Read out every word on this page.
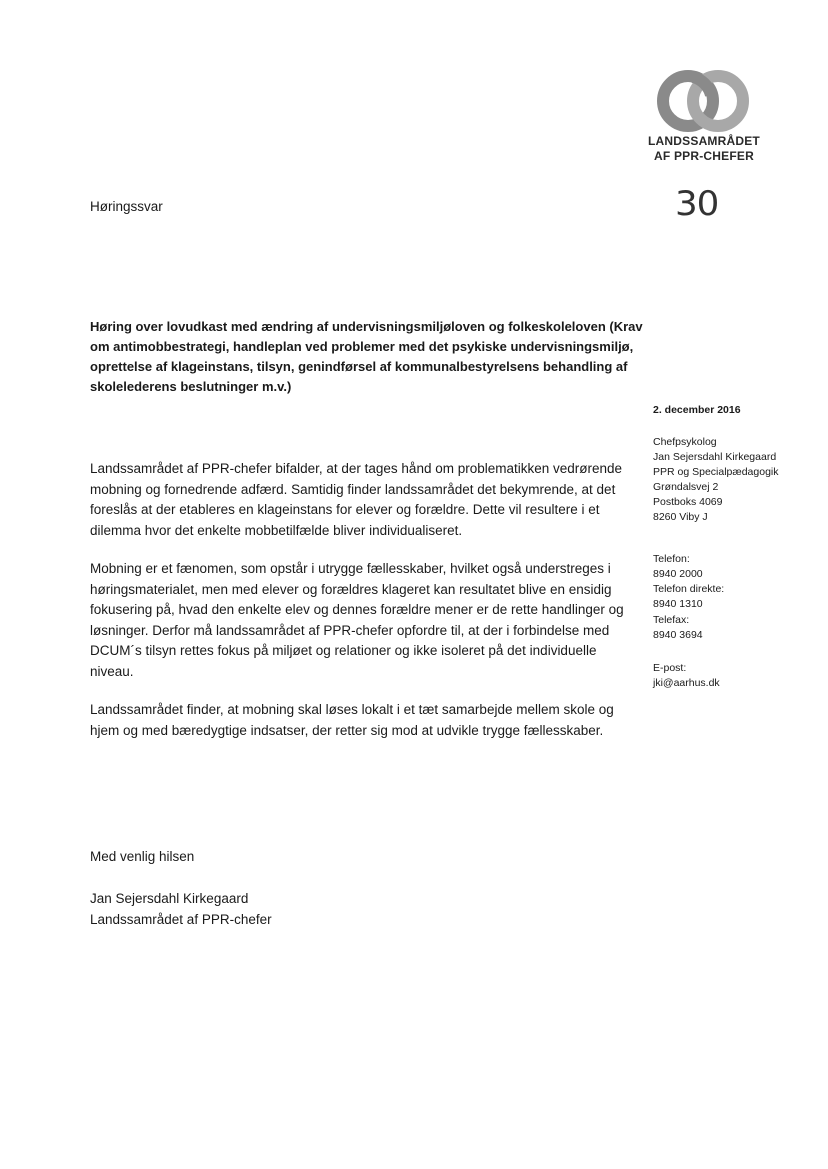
LANDSSAMRÅDET
AF PPR-CHEFER
30
Høringssvar
Høring over lovudkast med ændring af undervisningsmiljøloven og folkeskoleloven (Krav
om antimobbestrategi, handleplan ved problemer med det psykiske undervisningsmiljø,
oprettelse af klageinstans, tilsyn, genindførsel af kommunalbestyrelsens behandling af
skolelederens beslutninger m.v.)
2. december 2016
Chefpsykolog
Jan Sejersdahl Kirkegaard
PPR og Specialpædagogik
Grøndalsvej 2
Postboks 4069
8260 Viby J
Telefon:
8940 2000
Telefon direkte:
8940 1310
Telefax:
8940 3694
E-post:
jki@aarhus.dk
Landssamrådet af PPR-chefer bifalder, at der tages hånd om problematikken vedrørende
mobning og fornedrende adfærd. Samtidig finder landssamrådet det bekymrende, at det
foreslås at der etableres en klageinstans for elever og forældre. Dette vil resultere i et
dilemma hvor det enkelte mobbetilfælde bliver individualiseret.
Mobning er et fænomen, som opstår i utrygge fællesskaber, hvilket også understreges i
høringsmaterialet, men med elever og forældres klageret kan resultatet blive en ensidig
fokusering på, hvad den enkelte elev og dennes forældre mener er de rette handlinger og
løsninger. Derfor må landssamrådet af PPR-chefer opfordre til, at der i forbindelse med
DCUM´s tilsyn rettes fokus på miljøet og relationer og ikke isoleret på det individuelle
niveau.
Landssamrådet finder, at mobning skal løses lokalt i et tæt samarbejde mellem skole og
hjem og med bæredygtige indsatser, der retter sig mod at udvikle trygge fællesskaber.
Med venlig hilsen
Jan Sejersdahl Kirkegaard
Landssamrådet af PPR-chefer
